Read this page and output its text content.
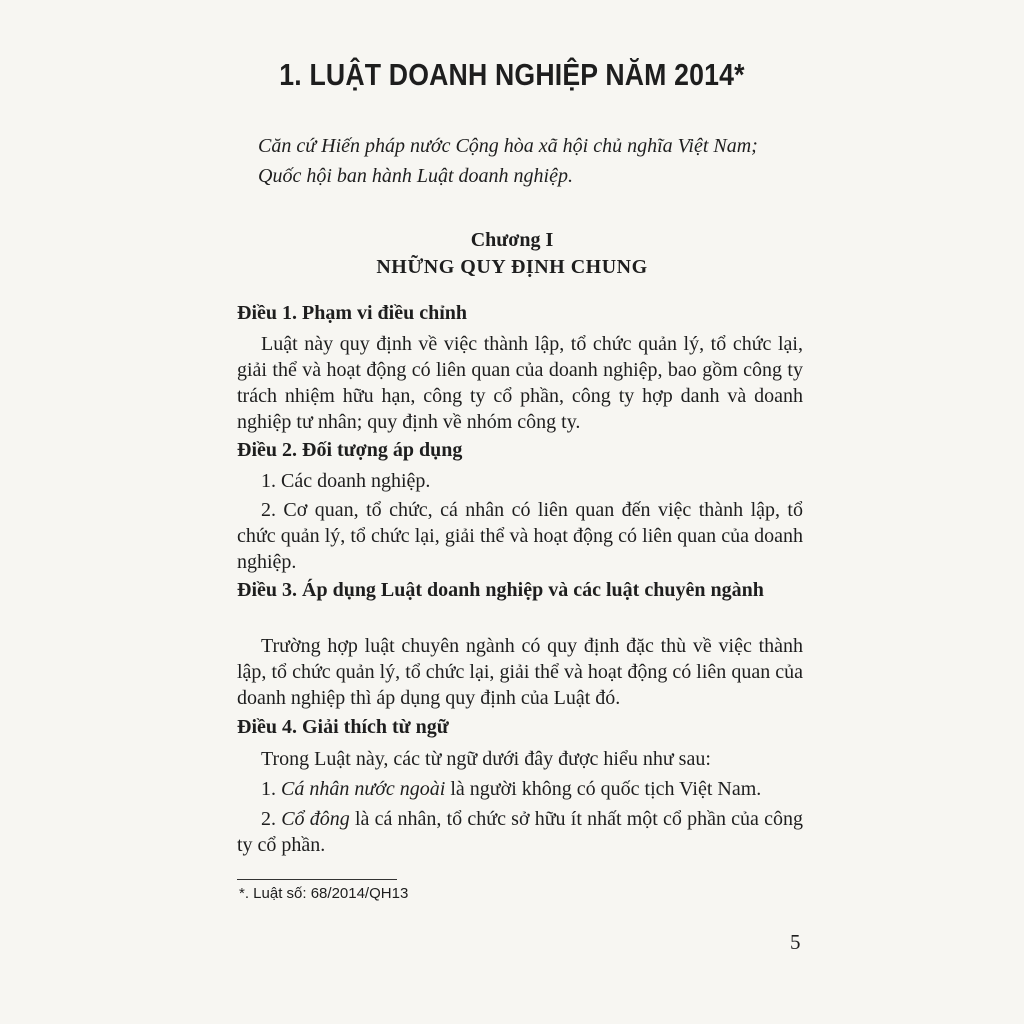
1. LUẬT DOANH NGHIỆP NĂM 2014*
Căn cứ Hiến pháp nước Cộng hòa xã hội chủ nghĩa Việt Nam;
Quốc hội ban hành Luật doanh nghiệp.
Chương I
NHỮNG QUY ĐỊNH CHUNG
Điều 1. Phạm vi điều chỉnh
Luật này quy định về việc thành lập, tổ chức quản lý, tổ chức lại, giải thể và hoạt động có liên quan của doanh nghiệp, bao gồm công ty trách nhiệm hữu hạn, công ty cổ phần, công ty hợp danh và doanh nghiệp tư nhân; quy định về nhóm công ty.
Điều 2. Đối tượng áp dụng
1. Các doanh nghiệp.
2. Cơ quan, tổ chức, cá nhân có liên quan đến việc thành lập, tổ chức quản lý, tổ chức lại, giải thể và hoạt động có liên quan của doanh nghiệp.
Điều 3. Áp dụng Luật doanh nghiệp và các luật chuyên ngành
Trường hợp luật chuyên ngành có quy định đặc thù về việc thành lập, tổ chức quản lý, tổ chức lại, giải thể và hoạt động có liên quan của doanh nghiệp thì áp dụng quy định của Luật đó.
Điều 4. Giải thích từ ngữ
Trong Luật này, các từ ngữ dưới đây được hiểu như sau:
1. Cá nhân nước ngoài là người không có quốc tịch Việt Nam.
2. Cổ đông là cá nhân, tổ chức sở hữu ít nhất một cổ phần của công ty cổ phần.
*. Luật số: 68/2014/QH13
5
